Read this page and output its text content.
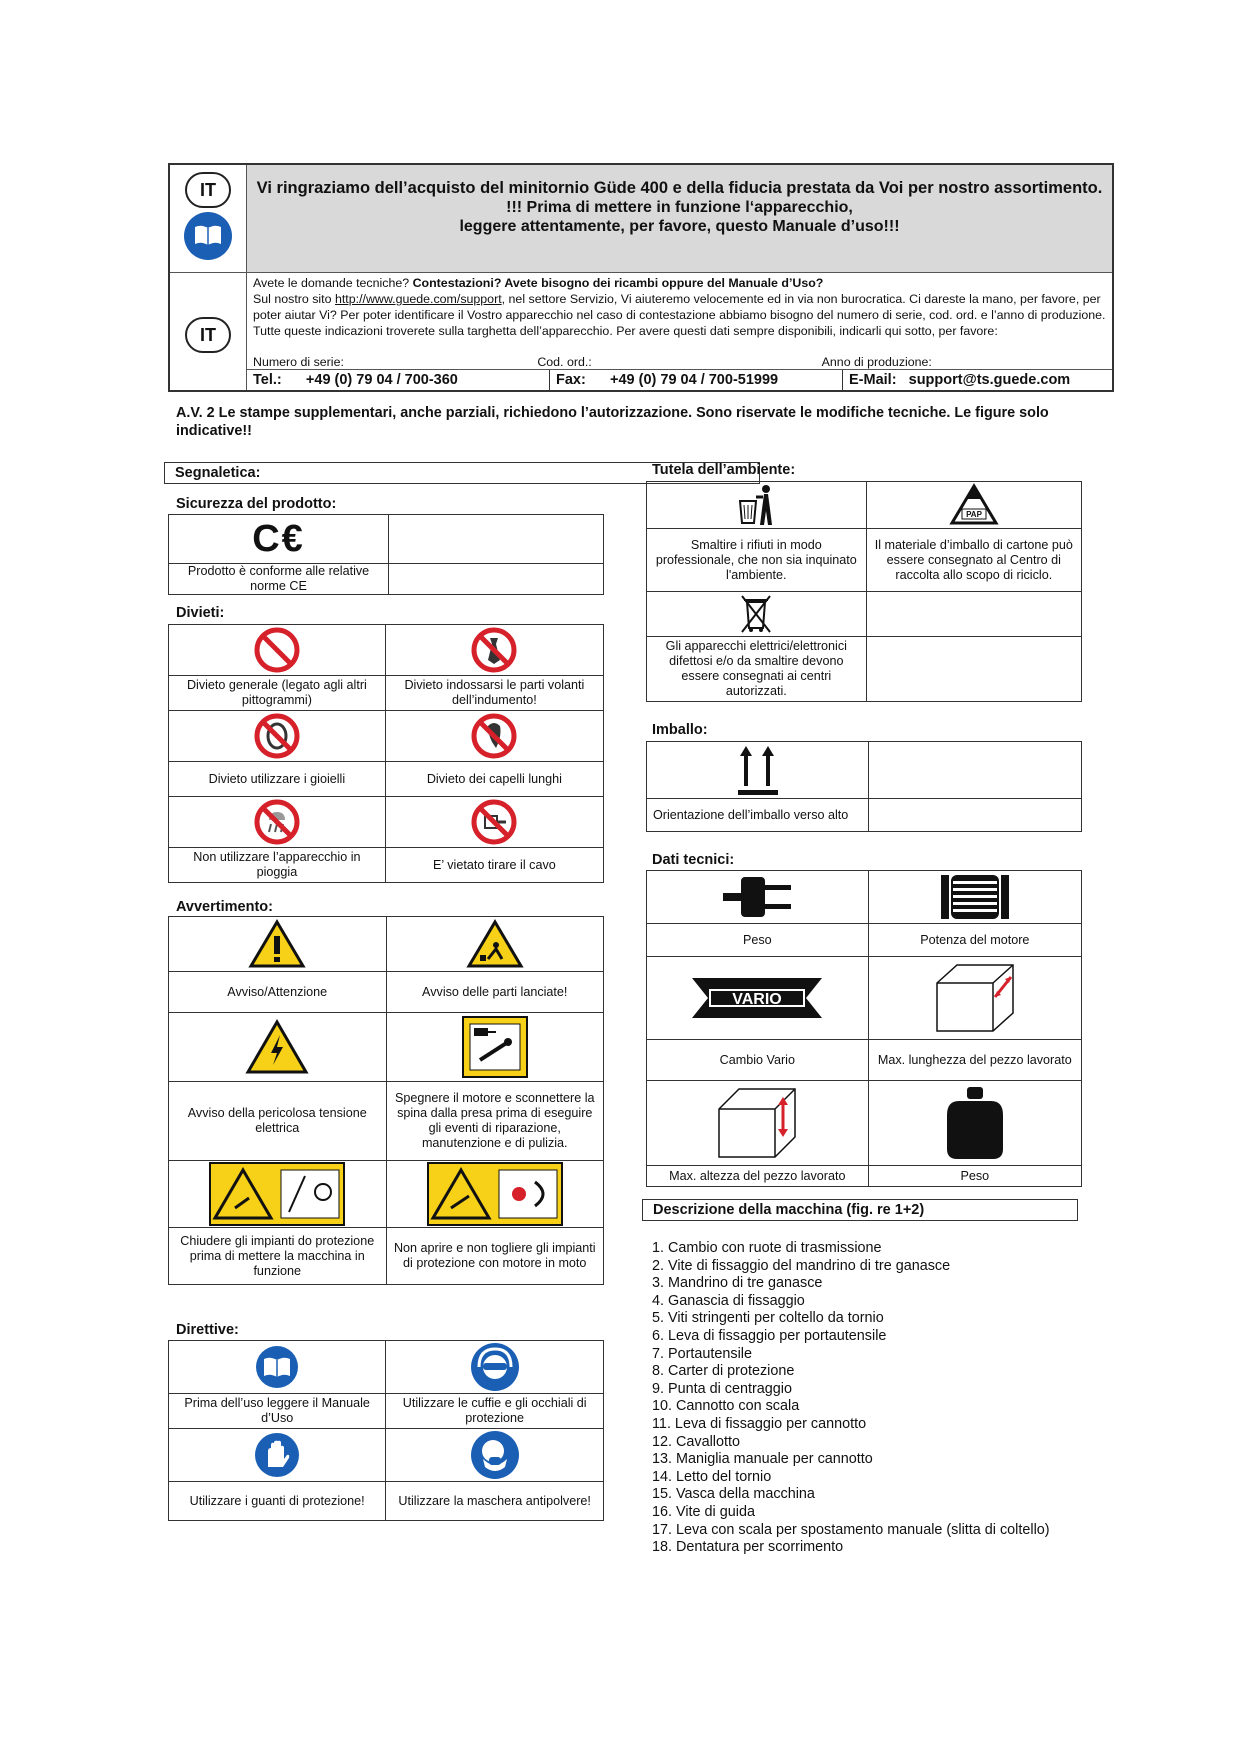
IT	Vi ringraziamo dell’acquisto del minitornio Güde 400 e della fiducia prestata da Voi per nostro assortimento.
!!! Prima di mettere in funzione l‘apparecchio,
leggere attentamente, per favore, questo Manuale d’uso!!!		

IT	Avete le domande tecniche? Contestazioni? Avete bisogno dei ricambi oppure del Manuale d’Uso?
Sul nostro sito http://www.guede.com/support, nel settore Servizio, Vi aiuteremo velocemente ed in via non burocratica. Ci dareste la mano, per favore, per poter aiutar Vi? Per poter identificare il Vostro apparecchio nel caso di contestazione abbiamo bisogno del numero di serie, cod. ord. e l’anno di produzione. Tutte queste indicazioni troverete sulla targhetta dell’apparecchio. Per avere questi dati sempre disponibili, indicarli qui sotto, per favore:
Numero di serie: Cod. ord.: Anno di produzione:		

	Tel.: +49 (0) 79 04 / 700-360	Fax: +49 (0) 79 04 / 700-51999	E-Mail: support@ts.guede.com
A.V. 2 Le stampe supplementari, anche parziali, richiedono l’autorizzazione. Sono riservate le modifiche tecniche. Le figure solo indicative!!
Segnaletica:
Sicurezza del prodotto:
C€	
Prodotto è conforme alle relative norme CE	
Divieti:

Divieto generale (legato agli altri pittogrammi)	Divieto indossarsi le parti volanti dell’indumento!

Divieto utilizzare i gioielli	Divieto dei capelli lunghi

Non utilizzare l’apparecchio in pioggia	E’ vietato tirare il cavo
Avvertimento:

Avviso/Attenzione	Avviso delle parti lanciate!

Avviso della pericolosa tensione elettrica	Spegnere il motore e sconnettere la spina dalla presa prima di eseguire gli eventi di riparazione, manutenzione e di pulizia.

Chiudere gli impianti do protezione prima di mettere la macchina in funzione	Non aprire e non togliere gli impianti di protezione con motore in moto
Direttive:

Prima dell’uso leggere il Manuale d’Uso	Utilizzare le cuffie e gli occhiali di protezione

Utilizzare i guanti di protezione!	Utilizzare la maschera antipolvere!
Tutela dell’ambiente:

PAP

Smaltire i rifiuti in modo professionale, che non sia inquinato l'ambiente.	Il materiale d’imballo di cartone può essere consegnato al Centro di raccolta allo scopo di riciclo.

Gli apparecchi elettrici/elettronici difettosi e/o da smaltire devono essere consegnati ai centri autorizzati.	
Imballo:

Orientazione dell’imballo verso alto	
Dati tecnici:

Peso	Potenza del motore

VARIO

Cambio Vario	Max. lunghezza del pezzo lavorato

Max. altezza del pezzo lavorato	Peso
Descrizione della macchina (fig. re 1+2)
1. Cambio con ruote di trasmissione
2. Vite di fissaggio del mandrino di tre ganasce
3. Mandrino di tre ganasce
4. Ganascia di fissaggio
5. Viti stringenti per coltello da tornio
6. Leva di fissaggio per portautensile
7. Portautensile
8. Carter di protezione
9. Punta di centraggio
10. Cannotto con scala
11. Leva di fissaggio per cannotto
12. Cavallotto
13. Maniglia manuale per cannotto
14. Letto del tornio
15. Vasca della macchina
16. Vite di guida
17. Leva con scala per spostamento manuale (slitta di coltello)
18. Dentatura per scorrimento
